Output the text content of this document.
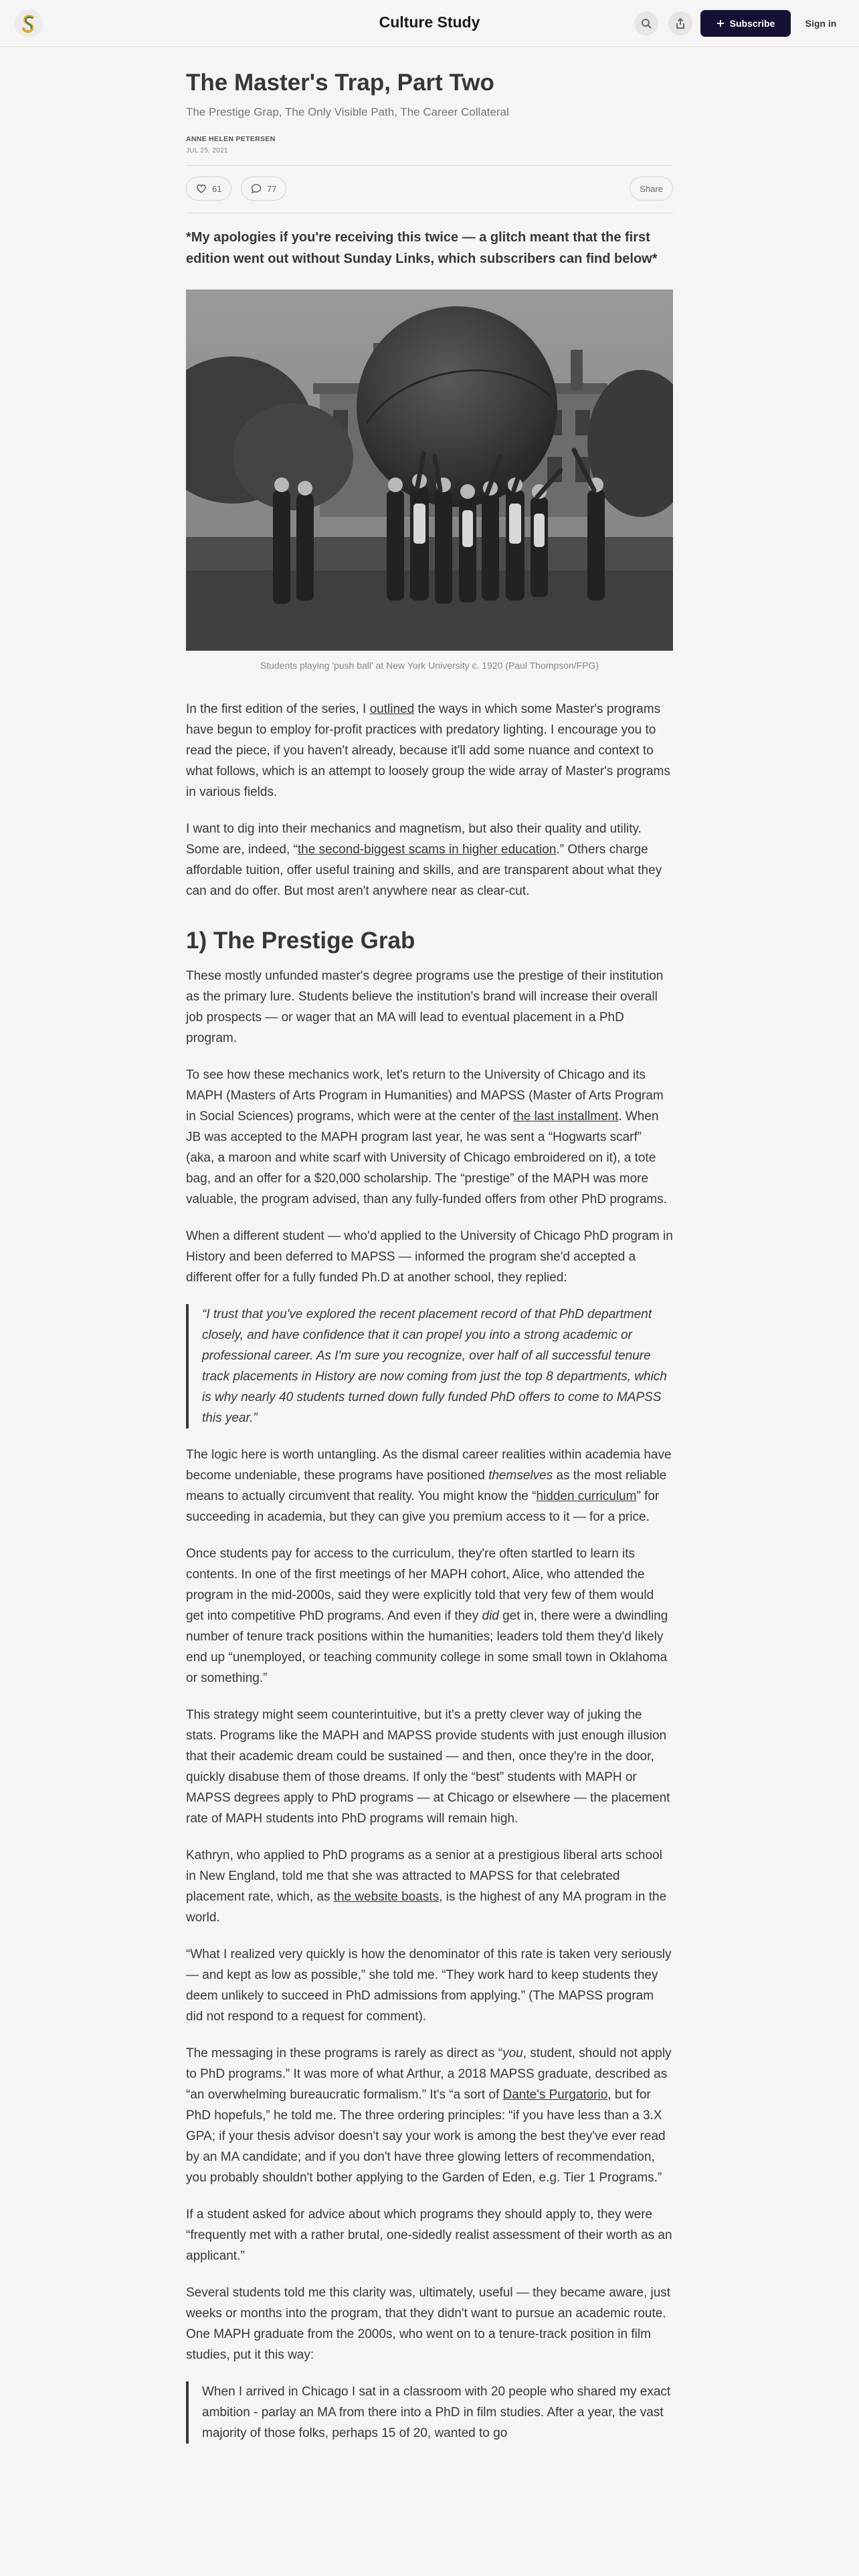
Culture Study	Subscribe	Sign in
The Master's Trap, Part Two
The Prestige Grap, The Only Visible Path, The Career Collateral
ANNE HELEN PETERSEN
JUL 25, 2021
61	77	Share

*My apologies if you're receiving this twice — a glitch meant that the first edition went out without Sunday Links, which subscribers can find below*

Students playing 'push ball' at New York University c. 1920 (Paul Thompson/FPG)

In the first edition of the series, I outlined the ways in which some Master's programs have begun to employ for-profit practices with predatory lighting. I encourage you to read the piece, if you haven't already, because it'll add some nuance and context to what follows, which is an attempt to loosely group the wide array of Master's programs in various fields.

I want to dig into their mechanics and magnetism, but also their quality and utility. Some are, indeed, “the second-biggest scams in higher education.” Others charge affordable tuition, offer useful training and skills, and are transparent about what they can and do offer. But most aren't anywhere near as clear-cut.

1) The Prestige Grab

These mostly unfunded master's degree programs use the prestige of their institution as the primary lure. Students believe the institution's brand will increase their overall job prospects — or wager that an MA will lead to eventual placement in a PhD program.

To see how these mechanics work, let's return to the University of Chicago and its MAPH (Masters of Arts Program in Humanities) and MAPSS (Master of Arts Program in Social Sciences) programs, which were at the center of the last installment. When JB was accepted to the MAPH program last year, he was sent a “Hogwarts scarf” (aka, a maroon and white scarf with University of Chicago embroidered on it), a tote bag, and an offer for a $20,000 scholarship. The “prestige” of the MAPH was more valuable, the program advised, than any fully-funded offers from other PhD programs.

When a different student — who'd applied to the University of Chicago PhD program in History and been deferred to MAPSS — informed the program she'd accepted a different offer for a fully funded Ph.D at another school, they replied:

“I trust that you've explored the recent placement record of that PhD department closely, and have confidence that it can propel you into a strong academic or professional career. As I'm sure you recognize, over half of all successful tenure track placements in History are now coming from just the top 8 departments, which is why nearly 40 students turned down fully funded PhD offers to come to MAPSS this year.”

The logic here is worth untangling. As the dismal career realities within academia have become undeniable, these programs have positioned themselves as the most reliable means to actually circumvent that reality. You might know the “hidden curriculum” for succeeding in academia, but they can give you premium access to it — for a price.

Once students pay for access to the curriculum, they're often startled to learn its contents. In one of the first meetings of her MAPH cohort, Alice, who attended the program in the mid-2000s, said they were explicitly told that very few of them would get into competitive PhD programs. And even if they did get in, there were a dwindling number of tenure track positions within the humanities; leaders told them they'd likely end up “unemployed, or teaching community college in some small town in Oklahoma or something.”

This strategy might seem counterintuitive, but it's a pretty clever way of juking the stats. Programs like the MAPH and MAPSS provide students with just enough illusion that their academic dream could be sustained — and then, once they're in the door, quickly disabuse them of those dreams. If only the “best” students with MAPH or MAPSS degrees apply to PhD programs — at Chicago or elsewhere — the placement rate of MAPH students into PhD programs will remain high.

Kathryn, who applied to PhD programs as a senior at a prestigious liberal arts school in New England, told me that she was attracted to MAPSS for that celebrated placement rate, which, as the website boasts, is the highest of any MA program in the world.

“What I realized very quickly is how the denominator of this rate is taken very seriously — and kept as low as possible,” she told me. “They work hard to keep students they deem unlikely to succeed in PhD admissions from applying.” (The MAPSS program did not respond to a request for comment).

The messaging in these programs is rarely as direct as “you, student, should not apply to PhD programs.” It was more of what Arthur, a 2018 MAPSS graduate, described as “an overwhelming bureaucratic formalism.” It's “a sort of Dante's Purgatorio, but for PhD hopefuls,” he told me. The three ordering principles: “if you have less than a 3.X GPA; if your thesis advisor doesn't say your work is among the best they've ever read by an MA candidate; and if you don't have three glowing letters of recommendation, you probably shouldn't bother applying to the Garden of Eden, e.g. Tier 1 Programs.”

If a student asked for advice about which programs they should apply to, they were “frequently met with a rather brutal, one-sidedly realist assessment of their worth as an applicant.”

Several students told me this clarity was, ultimately, useful — they became aware, just weeks or months into the program, that they didn't want to pursue an academic route. One MAPH graduate from the 2000s, who went on to a tenure-track position in film studies, put it this way:

When I arrived in Chicago I sat in a classroom with 20 people who shared my exact ambition - parlay an MA from there into a PhD in film studies. After a year, the vast majority of those folks, perhaps 15 of 20, wanted to go
